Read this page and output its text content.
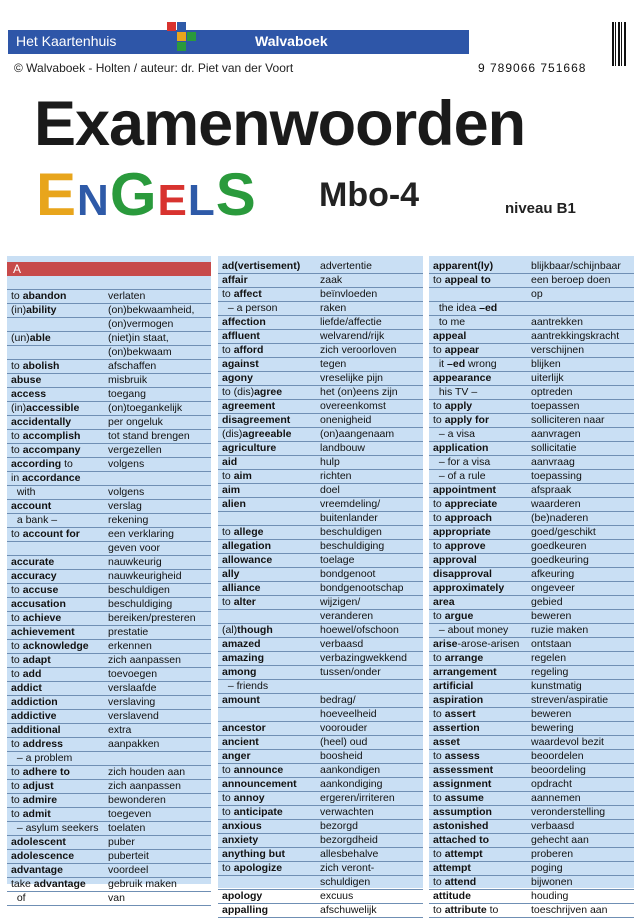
Het Kaartenhuis	Walvaboek
© Walvaboek - Holten / auteur: dr. Piet van der Voort	9 789066 751668
Examenwoorden
ENGELS Mbo-4	niveau B1
A
to abandon	verlaten
(in)ability	(on)bekwaamheid,
(on)vermogen
(un)able	(niet)in staat,
(on)bekwaam
to abolish	afschaffen
abuse	misbruik
access	toegang
(in)accessible	(on)toegankelijk
accidentally	per ongeluk
to accomplish	tot stand brengen
to accompany	vergezellen
according to	volgens
in accordance
with	volgens
account	verslag
a bank –	rekening
to account for	een verklaring
geven voor
accurate	nauwkeurig
accuracy	nauwkeurigheid
to accuse	beschuldigen
accusation	beschuldiging
to achieve	bereiken/presteren
achievement	prestatie
to acknowledge erkennen
to adapt	zich aanpassen
to add	toevoegen
addict	verslaafde
addiction	verslaving
addictive	verslavend
additional	extra
to address	aanpakken
– a problem
to adhere to	zich houden aan
to adjust	zich aanpassen
to admire	bewonderen
to admit	toegeven
– asylum seekers toelaten
adolescent	puber
adolescence	puberteit
advantage	voordeel
take advantage gebruik maken
of	van
ad(vertisement) advertentie
affair	zaak
to affect	beïnvloeden
– a person	raken
affection	liefde/affectie
affluent	welvarend/rijk
to afford	zich veroorloven
against	tegen
agony	vreselijke pijn
to (dis)agree	het (on)eens zijn
agreement	overeenkomst
disagreement	onenigheid
(dis)agreeable	(on)aangenaam
agriculture	landbouw
aid	hulp
to aim	richten
aim	doel
alien	vreemdeling/
buitenlander
to allege	beschuldigen
allegation	beschuldiging
allowance	toelage
ally	bondgenoot
alliance	bondgenootschap
to alter	wijzigen/
veranderen
(al)though	hoewel/ofschoon
amazed	verbaasd
amazing	verbazingwekkend
among	tussen/onder
– friends
amount	bedrag/
hoeveelheid
ancestor	voorouder
ancient	(heel) oud
anger	boosheid
to announce	aankondigen
announcement aankondiging
to annoy	ergeren/irriteren
to anticipate	verwachten
anxious	bezorgd
anxiety	bezorgdheid
anything but	allesbehalve
to apologize	zich veront-
schuldigen
apology	excuus
appalling	afschuwelijk
apparent(ly)	blijkbaar/schijnbaar
to appeal to	een beroep doen
op
the idea –ed
to me	aantrekken
appeal	aantrekkingskracht
to appear	verschijnen
it –ed wrong	blijken
appearance	uiterlijk
his TV –	optreden
to apply	toepassen
to apply for	solliciteren naar
– a visa	aanvragen
application	sollicitatie
– for a visa	aanvraag
– of a rule	toepassing
appointment	afspraak
to appreciate	waarderen
to approach	(be)naderen
appropriate	goed/geschikt
to approve	goedkeuren
approval	goedkeuring
disapproval	afkeuring
approximately	ongeveer
area	gebied
to argue	beweren
– about money ruzie maken
arise-arose-arisen ontstaan
to arrange	regelen
arrangement	regeling
artificial	kunstmatig
aspiration	streven/aspiratie
to assert	beweren
assertion	bewering
asset	waardevol bezit
to assess	beoordelen
assessment	beoordeling
assignment	opdracht
to assume	aannemen
assumption	veronderstelling
astonished	verbaasd
attached to	gehecht aan
to attempt	proberen
attempt	poging
to attend	bijwonen
attitude	houding
to attribute to	toeschrijven aan
